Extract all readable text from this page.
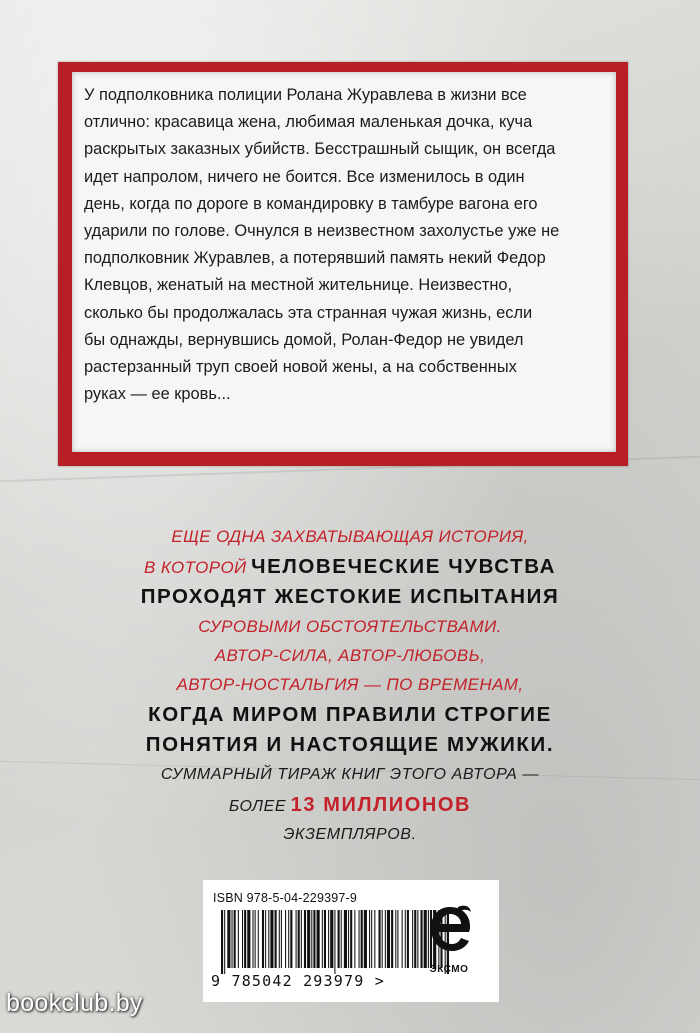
У подполковника полиции Ролана Журавлева в жизни все
отлично: красавица жена, любимая маленькая дочка, куча
раскрытых заказных убийств. Бесстрашный сыщик, он всегда
идет напролом, ничего не боится. Все изменилось в один
день, когда по дороге в командировку в тамбуре вагона его
ударили по голове. Очнулся в неизвестном захолустье уже не
подполковник Журавлев, а потерявший память некий Федор
Клевцов, женатый на местной жительнице. Неизвестно,
сколько бы продолжалась эта странная чужая жизнь, если
бы однажды, вернувшись домой, Ролан-Федор не увидел
растерзанный труп своей новой жены, а на собственных
руках — ее кровь...
ЕЩЕ ОДНА ЗАХВАТЫВАЮЩАЯ ИСТОРИЯ,
В КОТОРОЙ ЧЕЛОВЕЧЕСКИЕ ЧУВСТВА
ПРОХОДЯТ ЖЕСТОКИЕ ИСПЫТАНИЯ
СУРОВЫМИ ОБСТОЯТЕЛЬСТВАМИ.
АВТОР-СИЛА, АВТОР-ЛЮБОВЬ,
АВТОР-НОСТАЛЬГИЯ — ПО ВРЕМЕНАМ,
КОГДА МИРОМ ПРАВИЛИ СТРОГИЕ
ПОНЯТИЯ И НАСТОЯЩИЕ МУЖИКИ.
СУММАРНЫЙ ТИРАЖ КНИГ ЭТОГО АВТОРА —
БОЛЕЕ 13 МИЛЛИОНОВ
ЭКЗЕМПЛЯРОВ.
ISBN 978-5-04-229397-9
9 785042 293979 >
ЭКСМО
bookclub.by
